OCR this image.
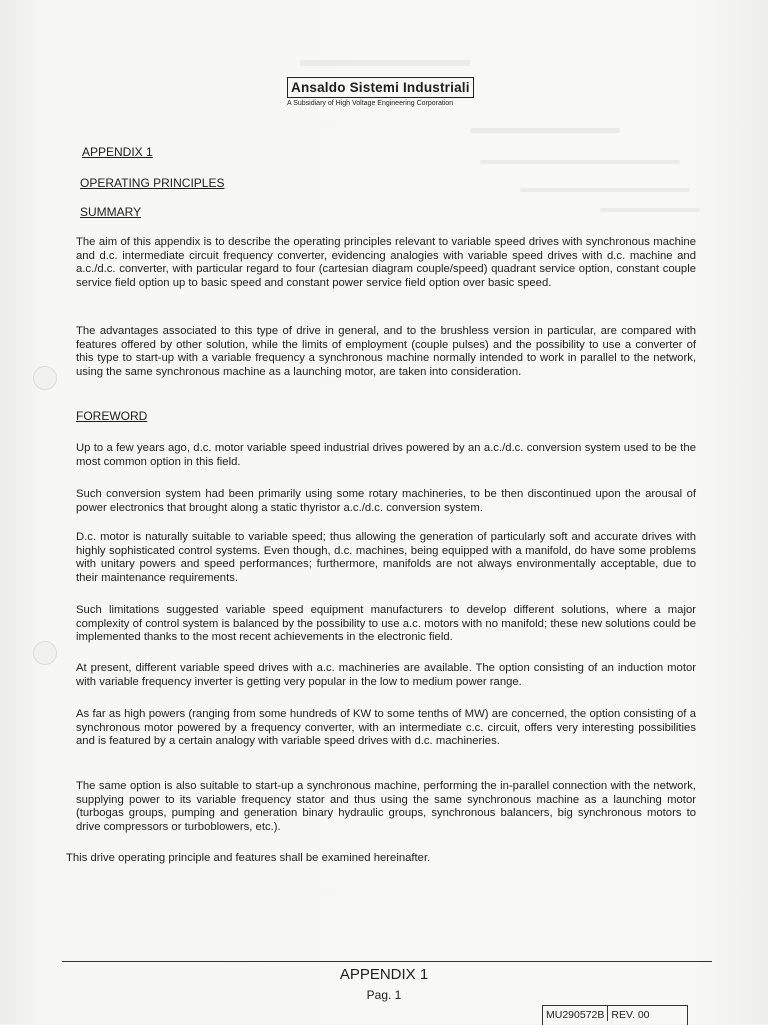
Ansaldo Sistemi Industriali
A Subsidiary of High Voltage Engineering Corporation
APPENDIX 1
OPERATING PRINCIPLES
SUMMARY

The aim of this appendix is to describe the operating principles relevant to variable speed drives with synchronous machine and d.c. intermediate circuit frequency converter, evidencing analogies with variable speed drives with d.c. machine and a.c./d.c. converter, with particular regard to four (cartesian diagram couple/speed) quadrant service option, constant couple service field option up to basic speed and constant power service field option over basic speed.

The advantages associated to this type of drive in general, and to the brushless version in particular, are compared with features offered by other solution, while the limits of employment (couple pulses) and the possibility to use a converter of this type to start-up with a variable frequency a synchronous machine normally intended to work in parallel to the network, using the same synchronous machine as a launching motor, are taken into consideration.

FOREWORD

Up to a few years ago, d.c. motor variable speed industrial drives powered by an a.c./d.c. conversion system used to be the most common option in this field.

Such conversion system had been primarily using some rotary machineries, to be then discontinued upon the arousal of power electronics that brought along a static thyristor a.c./d.c. conversion system.

D.c. motor is naturally suitable to variable speed; thus allowing the generation of particularly soft and accurate drives with highly sophisticated control systems. Even though, d.c. machines, being equipped with a manifold, do have some problems with unitary powers and speed performances; furthermore, manifolds are not always environmentally acceptable, due to their maintenance requirements.

Such limitations suggested variable speed equipment manufacturers to develop different solutions, where a major complexity of control system is balanced by the possibility to use a.c. motors with no manifold; these new solutions could be implemented thanks to the most recent achievements in the electronic field.

At present, different variable speed drives with a.c. machineries are available. The option consisting of an induction motor with variable frequency inverter is getting very popular in the low to medium power range.

As far as high powers (ranging from some hundreds of KW to some tenths of MW) are concerned, the option consisting of a synchronous motor powered by a frequency converter, with an intermediate c.c. circuit, offers very interesting possibilities and is featured by a certain analogy with variable speed drives with d.c. machineries.

The same option is also suitable to start-up a synchronous machine, performing the in-parallel connection with the network, supplying power to its variable frequency stator and thus using the same synchronous machine as a launching motor (turbogas groups, pumping and generation binary hydraulic groups, synchronous balancers, big synchronous motors to drive compressors or turboblowers, etc.).

This drive operating principle and features shall be examined hereinafter.

APPENDIX 1
Pag. 1
MU290572B REV. 00
